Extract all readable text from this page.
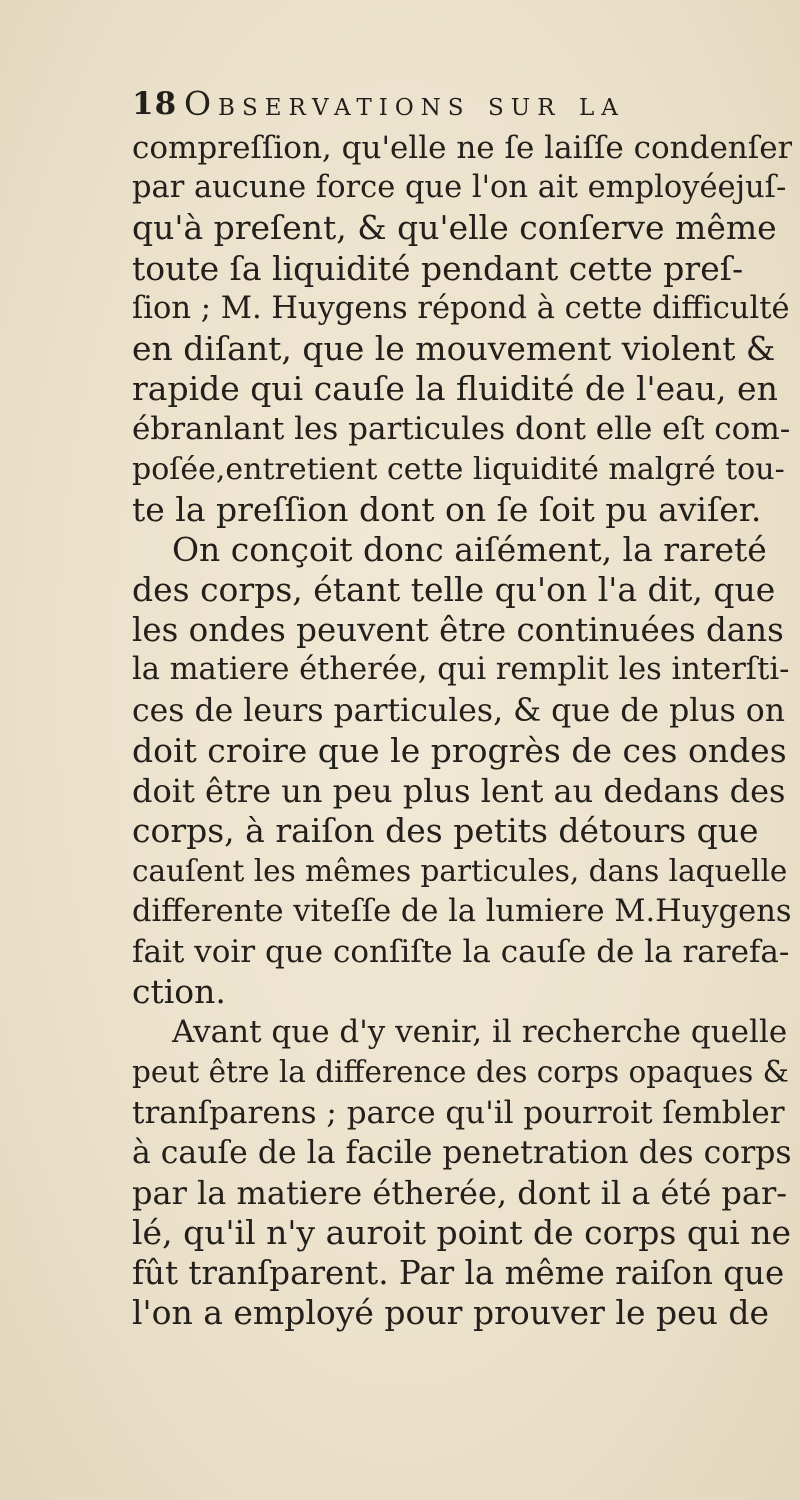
18 Observations sur la
compreſſion, qu'elle ne ſe laiſſe condenſer
par aucune force que l'on ait employéejuſ-
qu'à preſent, & qu'elle conſerve même
toute ſa liquidité pendant cette preſ-
ſion ; M. Huygens répond à cette difficulté
en diſant, que le mouvement violent &
rapide qui cauſe la fluidité de l'eau, en
ébranlant les particules dont elle eſt com-
poſée,entretient cette liquidité malgré tou-
te la preſſion dont on ſe ſoit pu aviſer.
On conçoit donc aiſément, la rareté
des corps, étant telle qu'on l'a dit, que
les ondes peuvent être continuées dans
la matiere étherée, qui remplit les interſti-
ces de leurs particules, & que de plus on
doit croire que le progrès de ces ondes
doit être un peu plus lent au dedans des
corps, à raiſon des petits détours que
cauſent les mêmes particules, dans laquelle
differente viteſſe de la lumiere M.Huygens
fait voir que conſiſte la cauſe de la rarefa-
ction.
Avant que d'y venir, il recherche quelle
peut être la difference des corps opaques &
tranſparens ; parce qu'il pourroit ſembler
à cauſe de la facile penetration des corps
par la matiere étherée, dont il a été par-
lé, qu'il n'y auroit point de corps qui ne
fût tranſparent. Par la même raiſon que
l'on a employé pour prouver le peu de
